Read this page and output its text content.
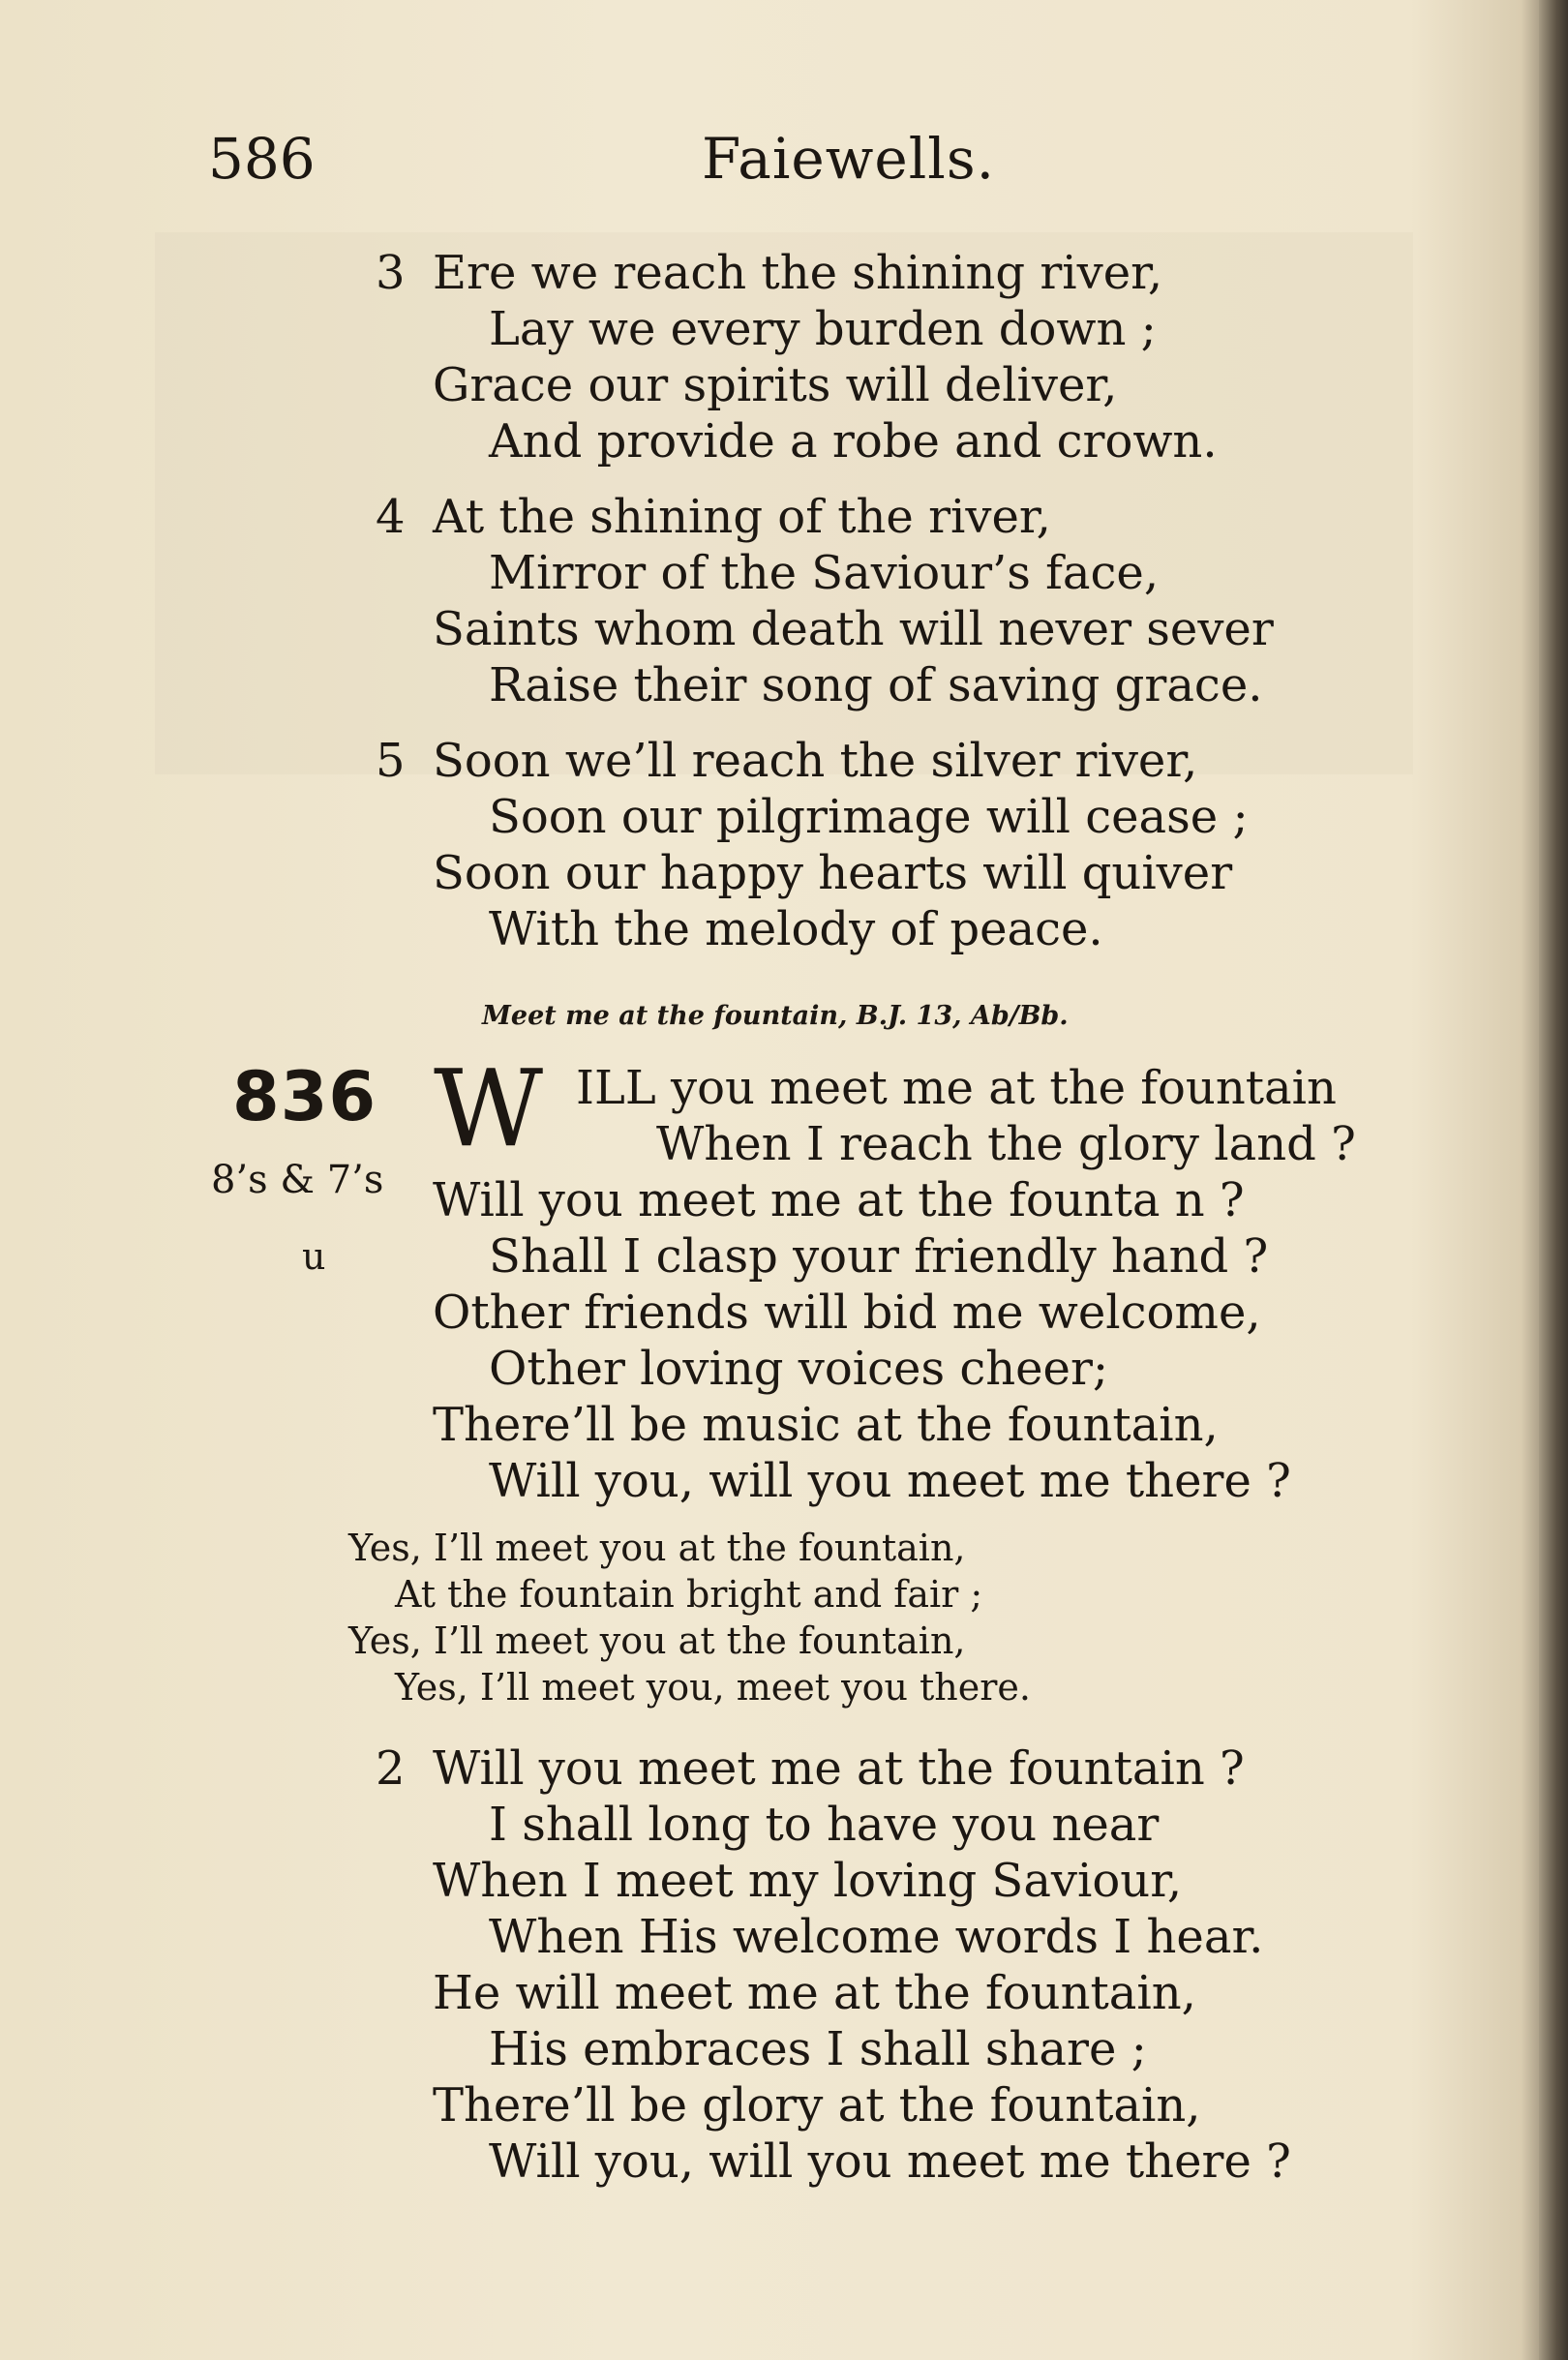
586	Faiewells.
3 Ere we reach the shining river,
Lay we every burden down ;
Grace our spirits will deliver,
And provide a robe and crown.
4 At the shining of the river,
Mirror of the Saviour’s face,
Saints whom death will never sever
Raise their song of saving grace.
5 Soon we’ll reach the silver river,
Soon our pilgrimage will cease ;
Soon our happy hearts will quiver
With the melody of peace.
Meet me at the fountain, B.J. 13, Ab/Bb.
836
8’s & 7’s
u
W ILL you meet me at the fountain
When I reach the glory land ?
Will you meet me at the founta n ?
Shall I clasp your friendly hand ?
Other friends will bid me welcome,
Other loving voices cheer;
There’ll be music at the fountain,
Will you, will you meet me there ?
Yes, I’ll meet you at the fountain,
At the fountain bright and fair ;
Yes, I’ll meet you at the fountain,
Yes, I’ll meet you, meet you there.
2 Will you meet me at the fountain ?
I shall long to have you near
When I meet my loving Saviour,
When His welcome words I hear.
He will meet me at the fountain,
His embraces I shall share ;
There’ll be glory at the fountain,
Will you, will you meet me there ?
